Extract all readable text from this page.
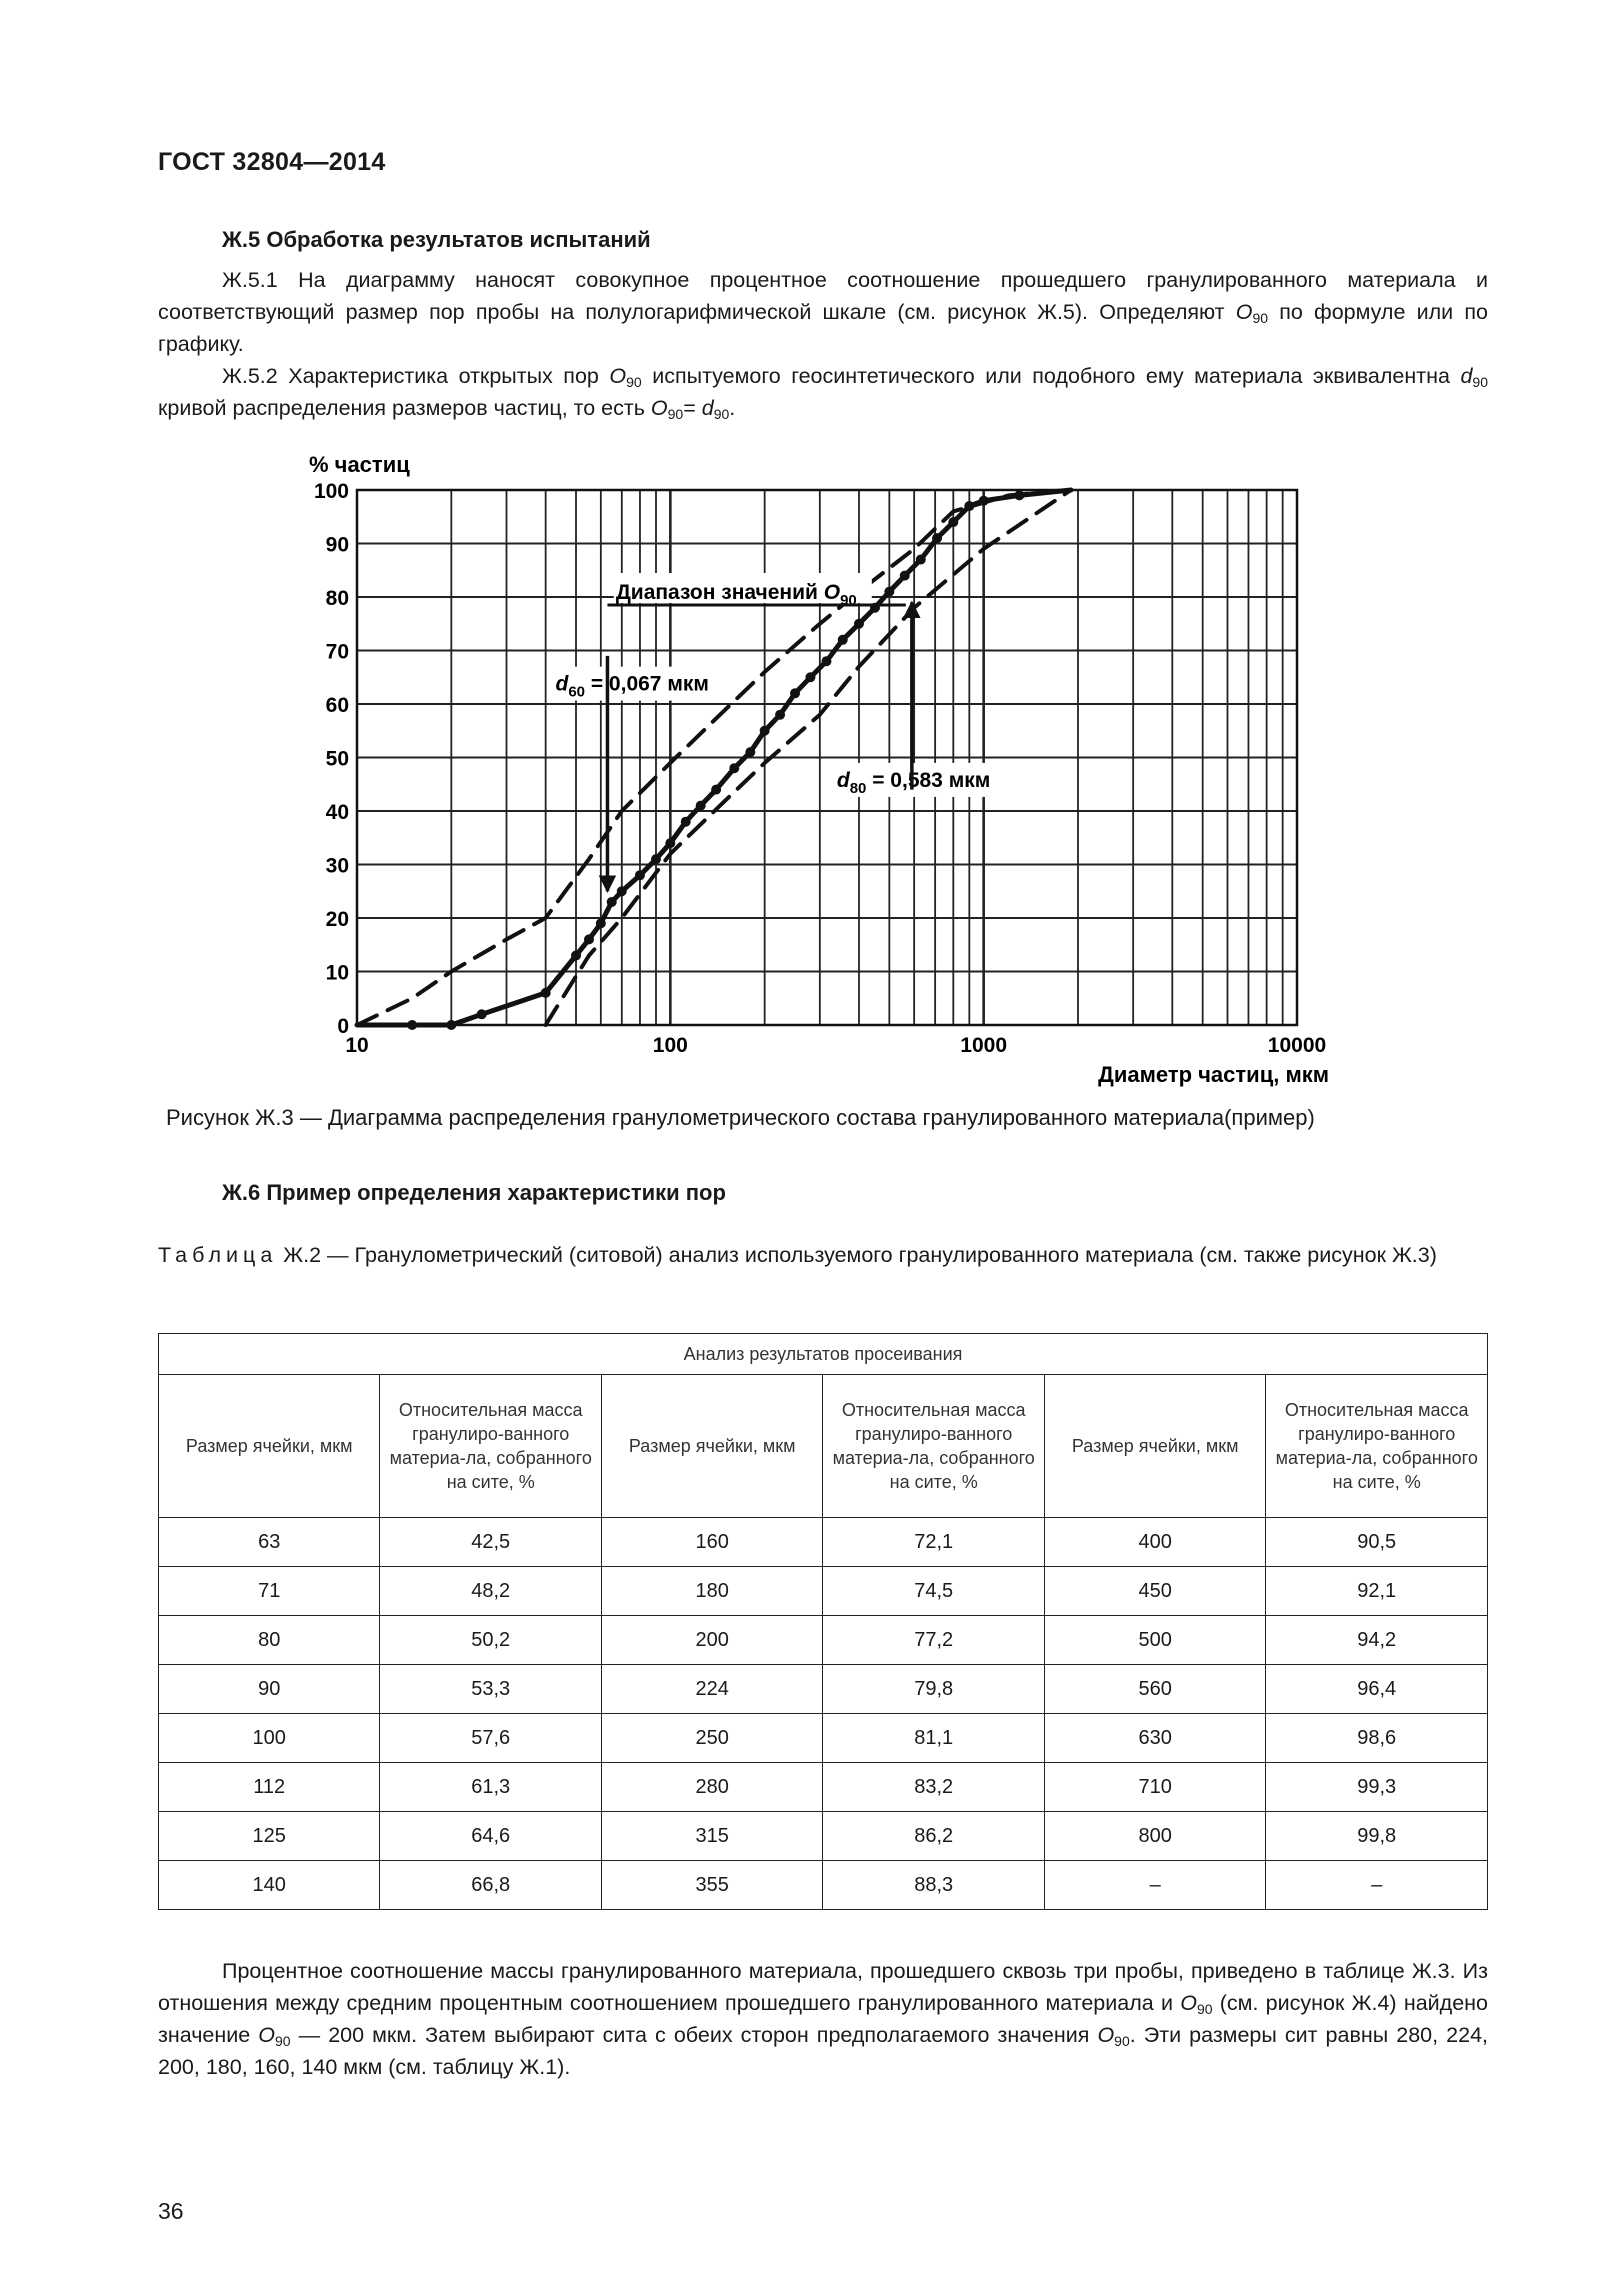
ГОСТ 32804—2014
Ж.5 Обработка результатов испытаний
Ж.5.1 На диаграмму наносят совокупное процентное соотношение прошедшего гранулированного материала и соответствующий размер пор пробы на полулогарифмической шкале (см. рисунок Ж.5). Определяют $O_{90}$ по формуле или по графику.
Ж.5.2 Характеристика открытых пор $O_{90}$ испытуемого геосинтетического или подобного ему материала эквивалентна $d_{90}$ кривой распределения размеров частиц, то есть $O_{90}= d_{90}$.
0
10
20
30
40
50
60
70
80
90
100
10	100	1000	10000
% частиц
Диаметр частиц, мкм
Диапазон значений $O_{90}$
$d_{60} = 0,067$ мкм
$d_{80} = 0,583$ мкм
Рисунок Ж.3 — Диаграмма распределения гранулометрического состава гранулированного материала(пример)
Ж.6 Пример определения характеристики пор
Таблица Ж.2 — Гранулометрический (ситовой) анализ используемого гранулированного материала (см. также рисунок Ж.3)
Анализ результатов просеивания					
Размер ячейки, мкм	Относительная масса гранулиро-ванного материа-ла, собранного на сите, %	Размер ячейки, мкм	Относительная масса гранулиро-ванного материа-ла, собранного на сите, %	Размер ячейки, мкм	Относительная масса гранулиро-ванного материа-ла, собранного на сите, %
63	42,5	160	72,1	400	90,5
71	48,2	180	74,5	450	92,1
80	50,2	200	77,2	500	94,2
90	53,3	224	79,8	560	96,4
100	57,6	250	81,1	630	98,6
112	61,3	280	83,2	710	99,3
125	64,6	315	86,2	800	99,8
140	66,8	355	88,3	–	–
Процентное соотношение массы гранулированного материала, прошедшего сквозь три пробы, приведено в таблице Ж.3. Из отношения между средним процентным соотношением прошедшего гранулированного материала и $O_{90}$ (см. рисунок Ж.4) найдено значение $O_{90}$ — 200 мкм. Затем выбирают сита с обеих сторон предполагаемого значения $O_{90}$. Эти размеры сит равны 280, 224, 200, 180, 160, 140 мкм (см. таблицу Ж.1).
36
